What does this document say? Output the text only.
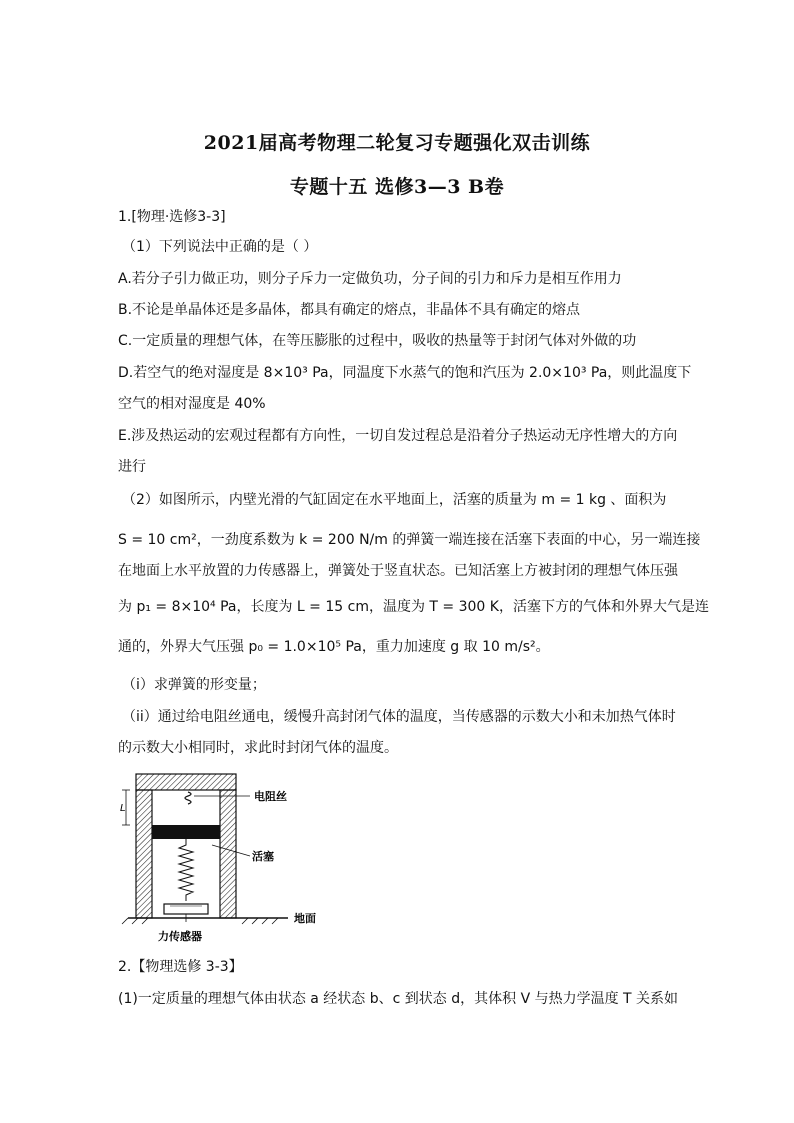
2021届高考物理二轮复习专题强化双击训练
专题十五 选修3—3 B卷
1.[物理·选修3-3]
（1）下列说法中正确的是（ ）
A.若分子引力做正功，则分子斥力一定做负功，分子间的引力和斥力是相互作用力
B.不论是单晶体还是多晶体，都具有确定的熔点，非晶体不具有确定的熔点
C.一定质量的理想气体，在等压膨胀的过程中，吸收的热量等于封闭气体对外做的功
D.若空气的绝对湿度是 8×10³ Pa，同温度下水蒸气的饱和汽压为 2.0×10³ Pa，则此温度下
空气的相对湿度是 40%
E.涉及热运动的宏观过程都有方向性，一切自发过程总是沿着分子热运动无序性增大的方向
进行
（2）如图所示，内壁光滑的气缸固定在水平地面上，活塞的质量为 m = 1 kg 、面积为
S = 10 cm²，一劲度系数为 k = 200 N/m 的弹簧一端连接在活塞下表面的中心，另一端连接
在地面上水平放置的力传感器上，弹簧处于竖直状态。已知活塞上方被封闭的理想气体压强
为 p₁ = 8×10⁴ Pa，长度为 L = 15 cm，温度为 T = 300 K，活塞下方的气体和外界大气是连
通的，外界大气压强 p₀ = 1.0×10⁵ Pa，重力加速度 g 取 10 m/s²。
（i）求弹簧的形变量；
（ii）通过给电阻丝通电，缓慢升高封闭气体的温度，当传感器的示数大小和未加热气体时
的示数大小相同时，求此时封闭气体的温度。
L
电阻丝
活塞
地面
力传感器
2.【物理选修 3-3】
(1)一定质量的理想气体由状态 a 经状态 b、c 到状态 d，其体积 V 与热力学温度 T 关系如
